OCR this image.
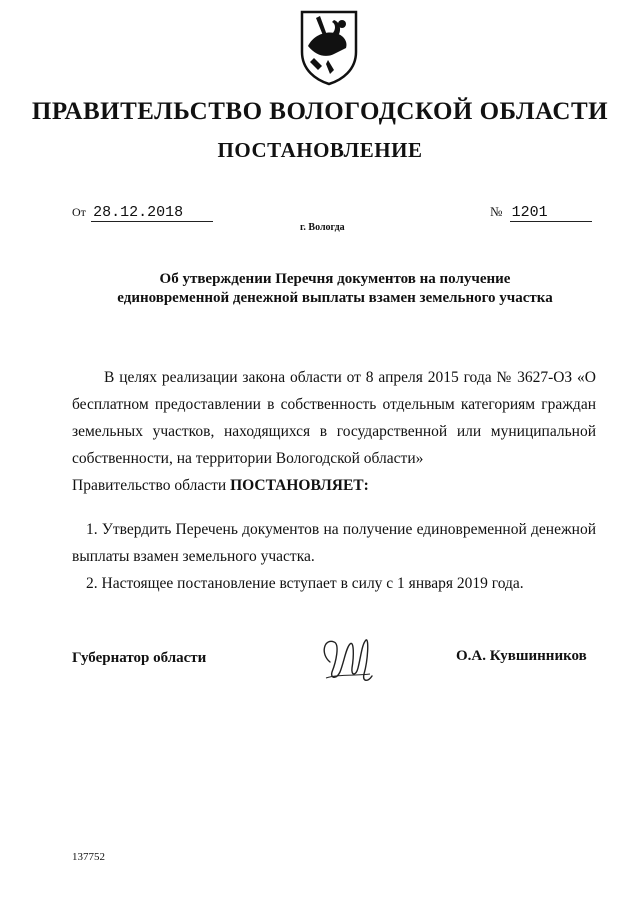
ПРАВИТЕЛЬСТВО ВОЛОГОДСКОЙ ОБЛАСТИ
ПОСТАНОВЛЕНИЕ
От 28.12.2018	№ 1201
г. Вологда
Об утверждении Перечня документов на получение
единовременной денежной выплаты взамен земельного участка

В целях реализации закона области от 8 апреля 2015 года № 3627-ОЗ «О бесплатном предоставлении в собственность отдельным категориям граждан земельных участков, находящихся в государственной или муниципальной собственности, на территории Вологодской области»

Правительство области ПОСТАНОВЛЯЕТ:

1. Утвердить Перечень документов на получение единовременной денежной выплаты взамен земельного участка.

2. Настоящее постановление вступает в силу с 1 января 2019 года.

Губернатор области	О.А. Кувшинников
137752
